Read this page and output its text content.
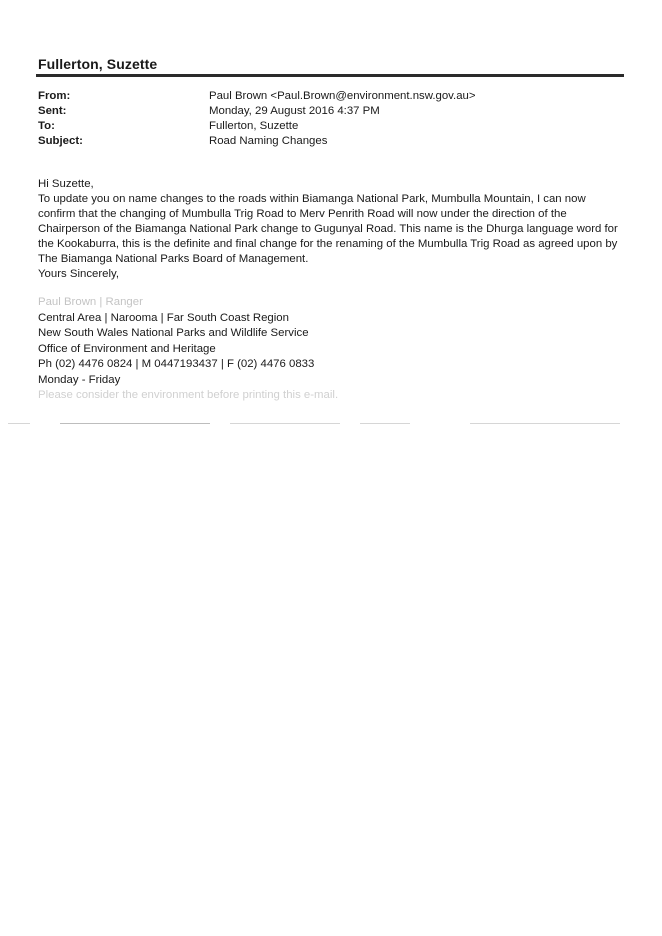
Fullerton, Suzette
From:	Paul Brown <Paul.Brown@environment.nsw.gov.au>
Sent:	Monday, 29 August 2016 4:37 PM
To:	Fullerton, Suzette
Subject:	Road Naming Changes

Hi Suzette,

To update you on name changes to the roads within Biamanga National Park, Mumbulla Mountain, I can now
confirm that the changing of Mumbulla Trig Road to Merv Penrith Road will now under the direction of the
Chairperson of the Biamanga National Park change to Gugunyal Road. This name is the Dhurga language word for
the Kookaburra, this is the definite and final change for the renaming of the Mumbulla Trig Road as agreed upon by
The Biamanga National Parks Board of Management.

Yours Sincerely,

Paul Brown | Ranger
Central Area | Narooma | Far South Coast Region
New South Wales National Parks and Wildlife Service
Office of Environment and Heritage
Ph (02) 4476 0824 | M 0447193437 | F (02) 4476 0833
Monday - Friday
Please consider the environment before printing this e-mail.
